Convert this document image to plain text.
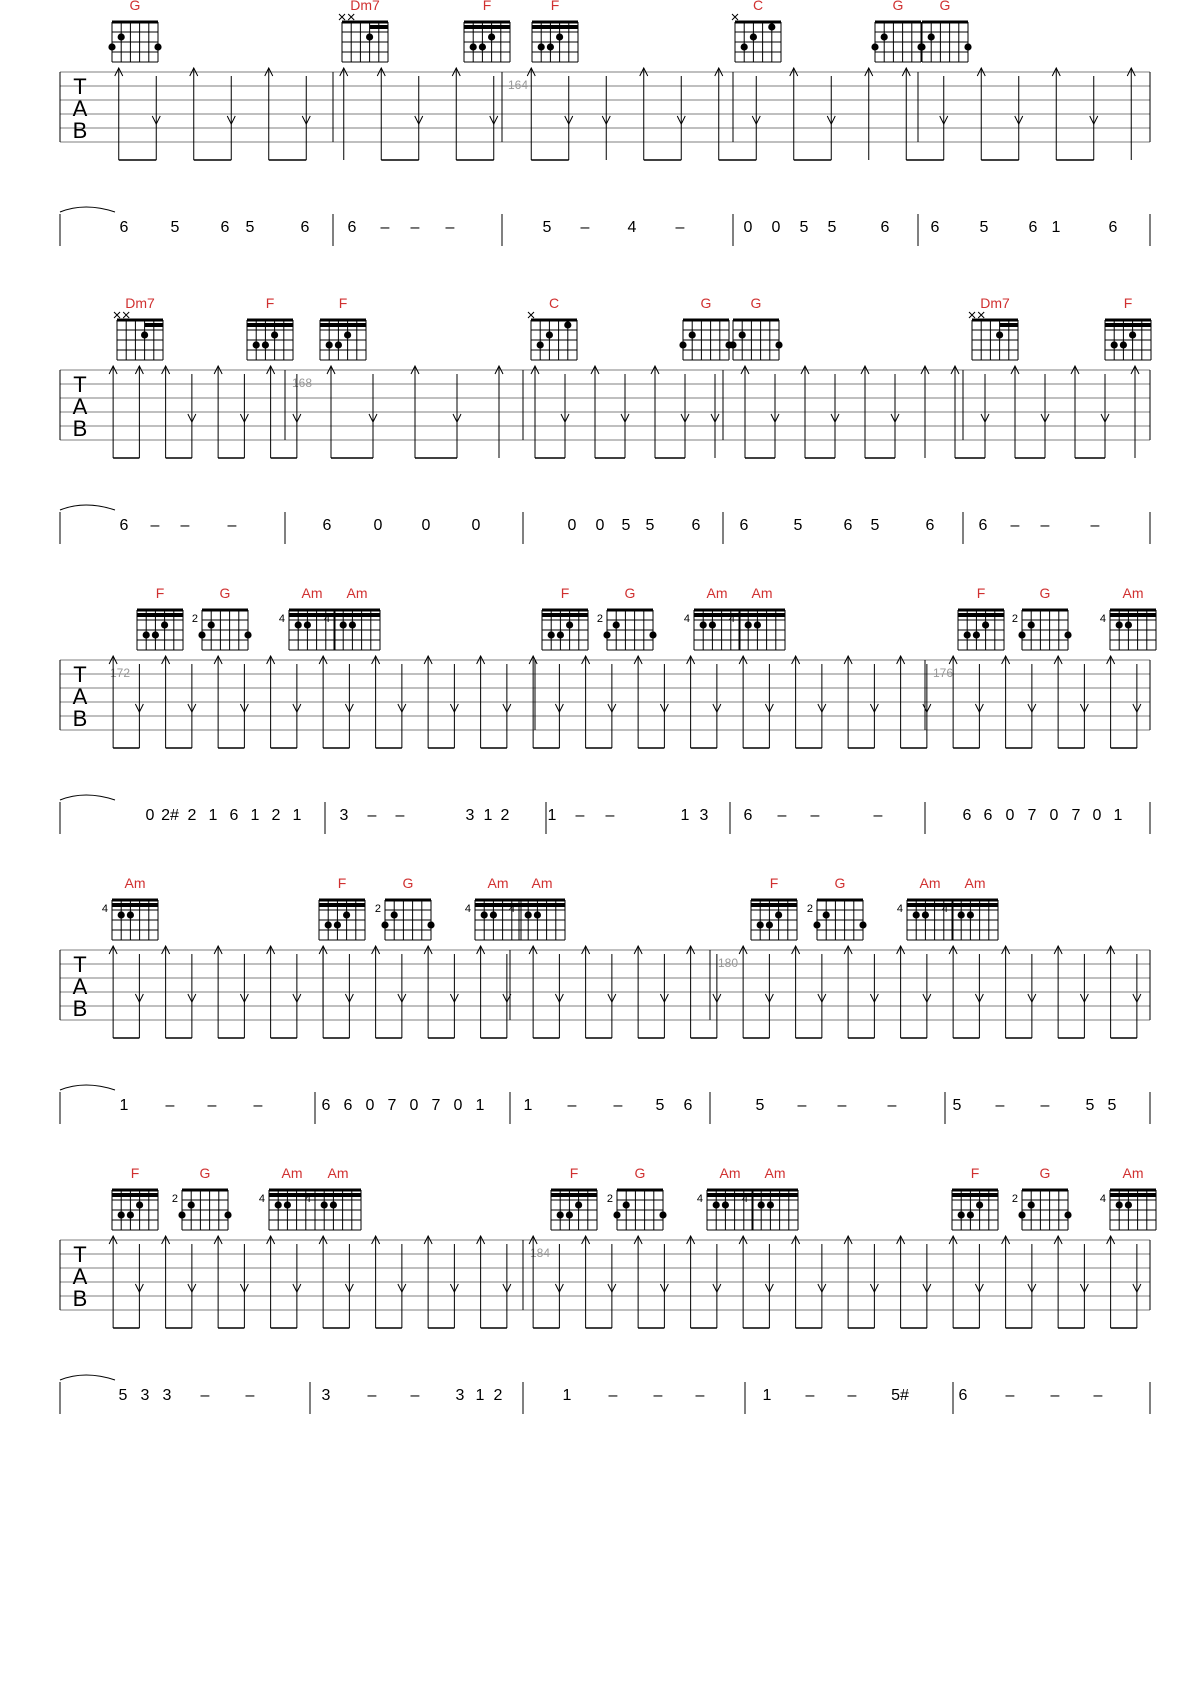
T
A
B
164
6	5	6 5	6 6 – – –	5 – 4 –	0 0 5 5	6	6	5	6 1	6
G	Dm7	F	F	C	G	G
T
A
B
168
6 – – –	6	0 0	0	0 0 5 5 6 6	5	6 5	6	6 – –	–
Dm7	F	F	C	G	G	Dm7	F
T
A
B
172	176
0 2# 2 1 6 1 2 1 3 – –	3 1 2 1 – –	1 3 6 – –	–	6 6 0 7 0 7 0 1
F	G
2
Am
4
Am
4
F	G
2
Am
4
Am
4
F	G
2
Am
4
T
A
B
180
1 – – –	6 6 0 7 0 7 0 1 1 – – 5 6	5 – –	–	5 – – 5 5
Am
4
F	G
2
Am
4
Am
4
F	G
2
Am
4
Am
4
T
A
B
184
5 3 3 – –	3 – – 3 1 2	1 – – –	1 – – 5#	6 – – –
F	G
2
Am
4
Am
4
F	G
2
Am
4
Am
4
F	G
2
Am
4
